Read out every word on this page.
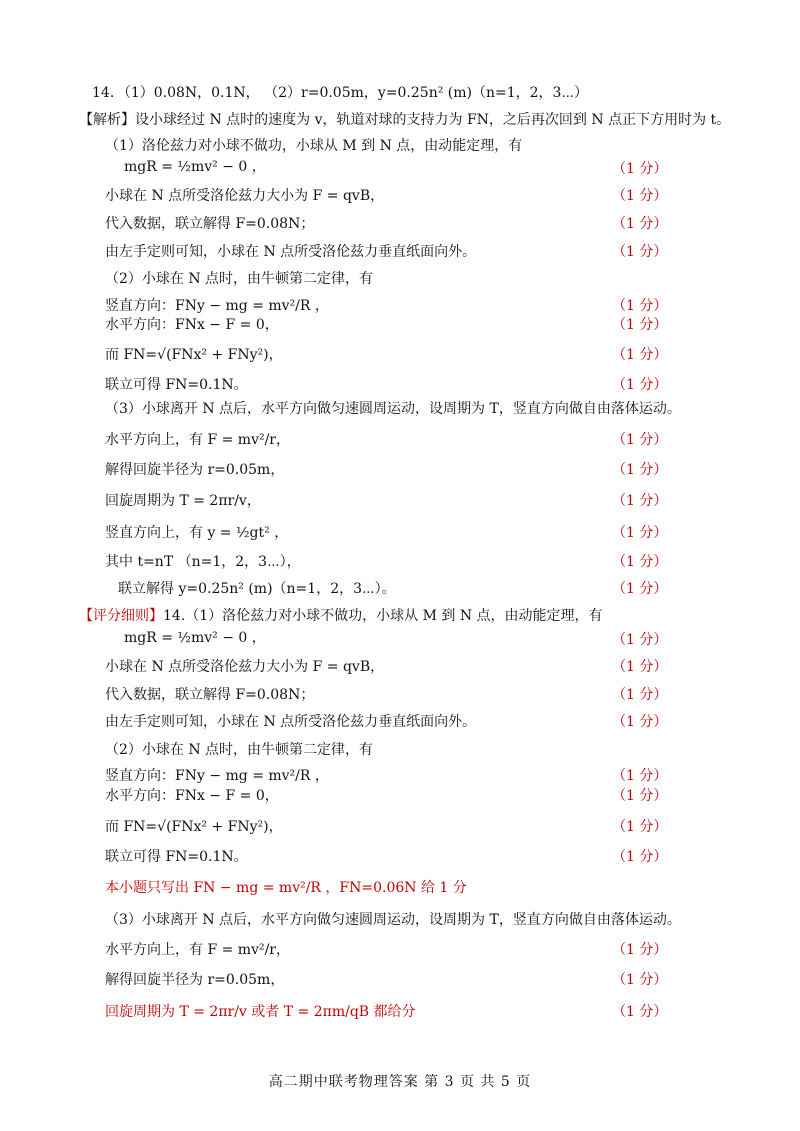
14．（1）0.08N，0.1N， （2）r=0.05m，y=0.25n² (m)（n=1，2，3⋯）
【解析】设小球经过 N 点时的速度为 v，轨道对球的支持力为 FN，之后再次回到 N 点正下方用时为 t。
（1）洛伦兹力对小球不做功，小球从 M 到 N 点，由动能定理，有
mgR = ½mv² − 0 ，	（1 分）
小球在 N 点所受洛伦兹力大小为 F = qvB，	（1 分）
代入数据，联立解得 F=0.08N；	（1 分）
由左手定则可知，小球在 N 点所受洛伦兹力垂直纸面向外。	（1 分）
（2）小球在 N 点时，由牛顿第二定律，有
竖直方向：FNy − mg = mv²/R ，	（1 分）
水平方向：FNx − F = 0，	（1 分）
而 FN=√(FNx² + FNy²)，	（1 分）
联立可得 FN=0.1N。	（1 分）
（3）小球离开 N 点后，水平方向做匀速圆周运动，设周期为 T，竖直方向做自由落体运动。
水平方向上，有 F = mv²/r，	（1 分）
解得回旋半径为 r=0.05m，	（1 分）
回旋周期为 T = 2πr/v，	（1 分）
竖直方向上，有 y = ½gt² ，	（1 分）
其中 t=nT （n=1，2，3⋯），	（1 分）
联立解得 y=0.25n² (m)（n=1，2，3⋯）。	（1 分）
【评分细则】14.（1）洛伦兹力对小球不做功，小球从 M 到 N 点，由动能定理，有
mgR = ½mv² − 0 ，	（1 分）
小球在 N 点所受洛伦兹力大小为 F = qvB，	（1 分）
代入数据，联立解得 F=0.08N；	（1 分）
由左手定则可知，小球在 N 点所受洛伦兹力垂直纸面向外。	（1 分）
（2）小球在 N 点时，由牛顿第二定律，有
竖直方向：FNy − mg = mv²/R ，	（1 分）
水平方向：FNx − F = 0，	（1 分）
而 FN=√(FNx² + FNy²)，	（1 分）
联立可得 FN=0.1N。	（1 分）
本小题只写出 FN − mg = mv²/R ，FN=0.06N 给 1 分
（3）小球离开 N 点后，水平方向做匀速圆周运动，设周期为 T，竖直方向做自由落体运动。
水平方向上，有 F = mv²/r，	（1 分）
解得回旋半径为 r=0.05m，	（1 分）
回旋周期为 T = 2πr/v 或者 T = 2πm/qB 都给分	（1 分）
高二期中联考物理答案 第 3 页 共 5 页
